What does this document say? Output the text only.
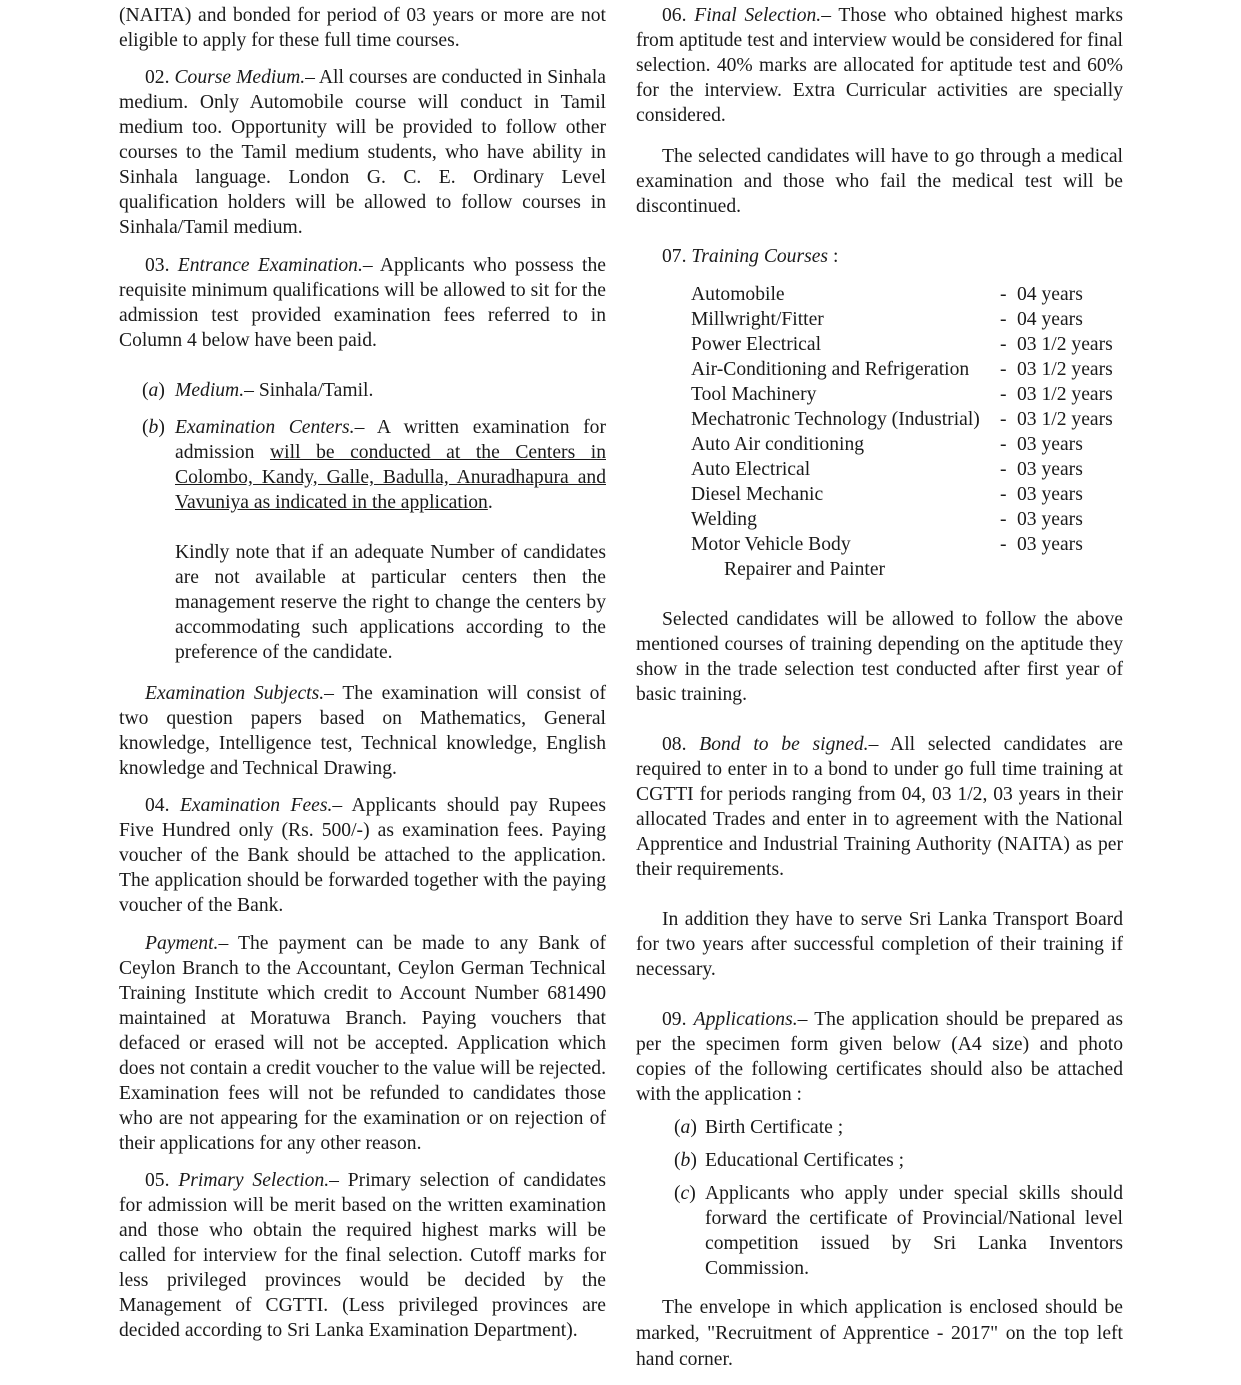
(NAITA) and bonded for period of 03 years or more are not eligible to apply for these full time courses.

02. Course Medium.– All courses are conducted in Sinhala medium. Only Automobile course will conduct in Tamil medium too. Opportunity will be provided to follow other courses to the Tamil medium students, who have ability in Sinhala language. London G. C. E. Ordinary Level qualification holders will be allowed to follow courses in Sinhala/Tamil medium.

03. Entrance Examination.– Applicants who possess the requisite minimum qualifications will be allowed to sit for the admission test provided examination fees referred to in Column 4 below have been paid.

(a) Medium.– Sinhala/Tamil.
(b) Examination Centers.– A written examination for admission will be conducted at the Centers in Colombo, Kandy, Galle, Badulla, Anuradhapura and Vavuniya as indicated in the application.
Kindly note that if an adequate Number of candidates are not available at particular centers then the management reserve the right to change the centers by accommodating such applications according to the preference of the candidate.

Examination Subjects.– The examination will consist of two question papers based on Mathematics, General knowledge, Intelligence test, Technical knowledge, English knowledge and Technical Drawing.

04. Examination Fees.– Applicants should pay Rupees Five Hundred only (Rs. 500/-) as examination fees. Paying voucher of the Bank should be attached to the application. The application should be forwarded together with the paying voucher of the Bank.

Payment.– The payment can be made to any Bank of Ceylon Branch to the Accountant, Ceylon German Technical Training Institute which credit to Account Number 681490 maintained at Moratuwa Branch. Paying vouchers that defaced or erased will not be accepted. Application which does not contain a credit voucher to the value will be rejected. Examination fees will not be refunded to candidates those who are not appearing for the examination or on rejection of their applications for any other reason.

05. Primary Selection.– Primary selection of candidates for admission will be merit based on the written examination and those who obtain the required highest marks will be called for interview for the final selection. Cutoff marks for less privileged provinces would be decided by the Management of CGTTI. (Less privileged provinces are decided according to Sri Lanka Examination Department).

06. Final Selection.– Those who obtained highest marks from aptitude test and interview would be considered for final selection. 40% marks are allocated for aptitude test and 60% for the interview. Extra Curricular activities are specially considered.

The selected candidates will have to go through a medical examination and those who fail the medical test will be discontinued.

07. Training Courses :

Automobile	- 04 years
Millwright/Fitter	- 04 years
Power Electrical	- 03 1/2 years
Air-Conditioning and Refrigeration - 03 1/2 years
Tool Machinery	- 03 1/2 years
Mechatronic Technology (Industrial) - 03 1/2 years
Auto Air conditioning	- 03 years
Auto Electrical	- 03 years
Diesel Mechanic	- 03 years
Welding	- 03 years
Motor Vehicle Body	- 03 years
Repairer and Painter

Selected candidates will be allowed to follow the above mentioned courses of training depending on the aptitude they show in the trade selection test conducted after first year of basic training.

08. Bond to be signed.– All selected candidates are required to enter in to a bond to under go full time training at CGTTI for periods ranging from 04, 03 1/2, 03 years in their allocated Trades and enter in to agreement with the National Apprentice and Industrial Training Authority (NAITA) as per their requirements.

In addition they have to serve Sri Lanka Transport Board for two years after successful completion of their training if necessary.

09. Applications.– The application should be prepared as per the specimen form given below (A4 size) and photo copies of the following certificates should also be attached with the application :

(a) Birth Certificate ;
(b) Educational Certificates ;
(c) Applicants who apply under special skills should forward the certificate of Provincial/National level competition issued by Sri Lanka Inventors Commission.

The envelope in which application is enclosed should be marked, "Recruitment of Apprentice - 2017" on the top left hand corner.
